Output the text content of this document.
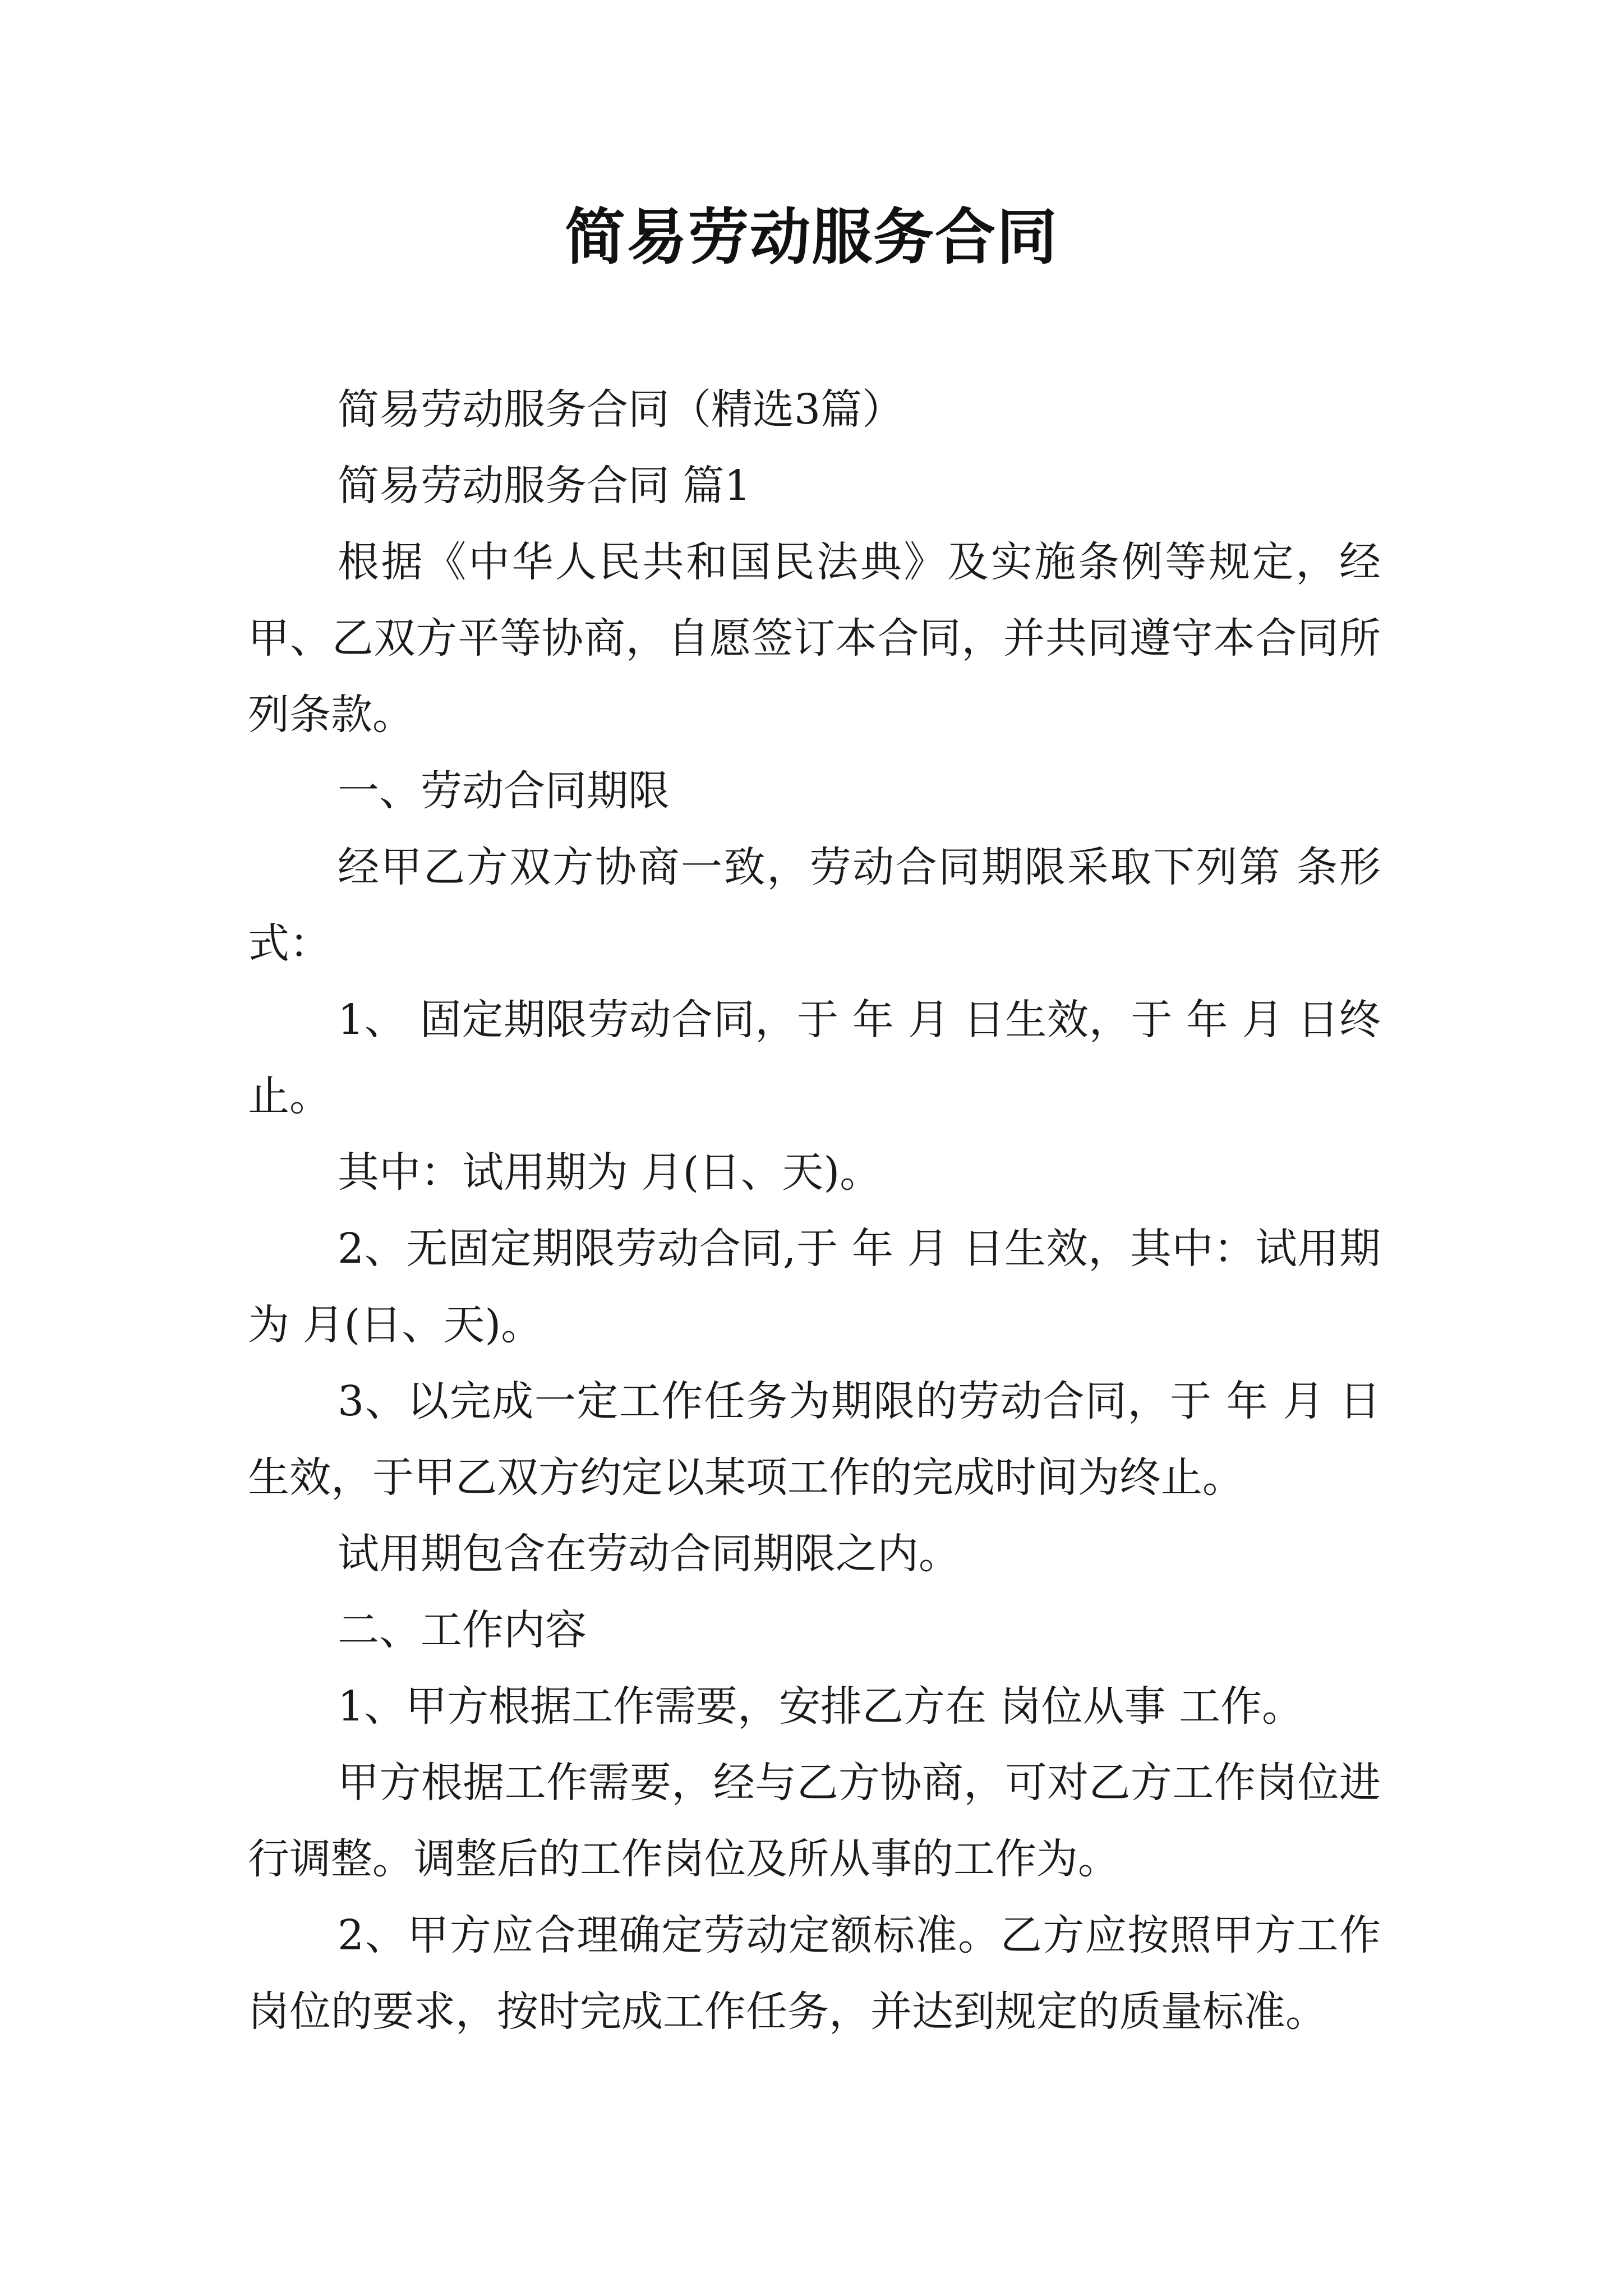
简易劳动服务合同

简易劳动服务合同（精选3篇）

简易劳动服务合同 篇1

根据《中华人民共和国民法典》及实施条例等规定，经甲、乙双方平等协商，自愿签订本合同，并共同遵守本合同所列条款。

一、劳动合同期限

经甲乙方双方协商一致，劳动合同期限采取下列第 条形式：

1、 固定期限劳动合同，于 年 月 日生效，于 年 月 日终止。

其中：试用期为 月(日、天)。

2、无固定期限劳动合同,于 年 月 日生效，其中：试用期为 月(日、天)。

3、以完成一定工作任务为期限的劳动合同，于 年 月 日生效，于甲乙双方约定以某项工作的完成时间为终止。

试用期包含在劳动合同期限之内。

二、工作内容

1、甲方根据工作需要，安排乙方在 岗位从事 工作。

甲方根据工作需要，经与乙方协商，可对乙方工作岗位进行调整。调整后的工作岗位及所从事的工作为。

2、甲方应合理确定劳动定额标准。乙方应按照甲方工作岗位的要求，按时完成工作任务，并达到规定的质量标准。
